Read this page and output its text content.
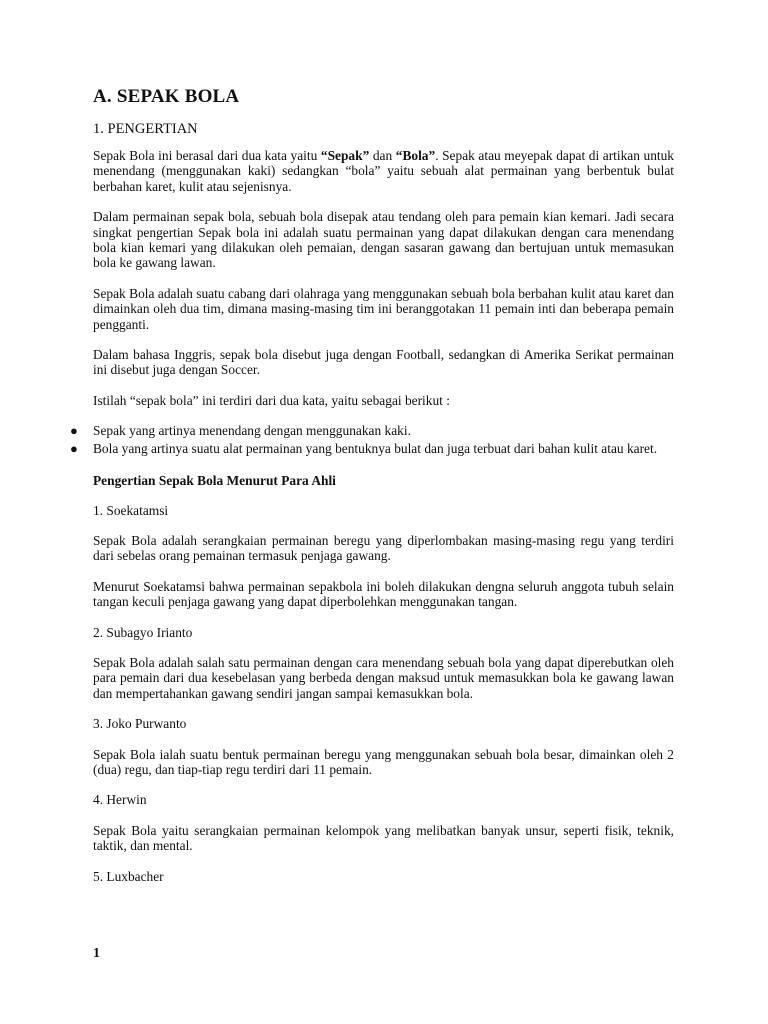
A. SEPAK BOLA
1. PENGERTIAN

Sepak Bola ini berasal dari dua kata yaitu “Sepak” dan “Bola”. Sepak atau meyepak dapat di artikan untuk menendang (menggunakan kaki) sedangkan “bola” yaitu sebuah alat permainan yang berbentuk bulat berbahan karet, kulit atau sejenisnya.

Dalam permainan sepak bola, sebuah bola disepak atau tendang oleh para pemain kian kemari. Jadi secara singkat pengertian Sepak bola ini adalah suatu permainan yang dapat dilakukan dengan cara menendang bola kian kemari yang dilakukan oleh pemaian, dengan sasaran gawang dan bertujuan untuk memasukan bola ke gawang lawan.

Sepak Bola adalah suatu cabang dari olahraga yang menggunakan sebuah bola berbahan kulit atau karet dan dimainkan oleh dua tim, dimana masing-masing tim ini beranggotakan 11 pemain inti dan beberapa pemain pengganti.

Dalam bahasa Inggris, sepak bola disebut juga dengan Football, sedangkan di Amerika Serikat permainan ini disebut juga dengan Soccer.

Istilah “sepak bola” ini terdiri dari dua kata, yaitu sebagai berikut :

● Sepak yang artinya menendang dengan menggunakan kaki.
● Bola yang artinya suatu alat permainan yang bentuknya bulat dan juga terbuat dari bahan kulit atau karet.
Pengertian Sepak Bola Menurut Para Ahli
1. Soekatamsi

Sepak Bola adalah serangkaian permainan beregu yang diperlombakan masing-masing regu yang terdiri dari sebelas orang pemainan termasuk penjaga gawang.

Menurut Soekatamsi bahwa permainan sepakbola ini boleh dilakukan dengna seluruh anggota tubuh selain tangan keculi penjaga gawang yang dapat diperbolehkan menggunakan tangan.

2. Subagyo Irianto

Sepak Bola adalah salah satu permainan dengan cara menendang sebuah bola yang dapat diperebutkan oleh para pemain dari dua kesebelasan yang berbeda dengan maksud untuk memasukkan bola ke gawang lawan dan mempertahankan gawang sendiri jangan sampai kemasukkan bola.

3. Joko Purwanto

Sepak Bola ialah suatu bentuk permainan beregu yang menggunakan sebuah bola besar, dimainkan oleh 2 (dua) regu, dan tiap-tiap regu terdiri dari 11 pemain.

4. Herwin

Sepak Bola yaitu serangkaian permainan kelompok yang melibatkan banyak unsur, seperti fisik, teknik, taktik, dan mental.

5. Luxbacher
1
